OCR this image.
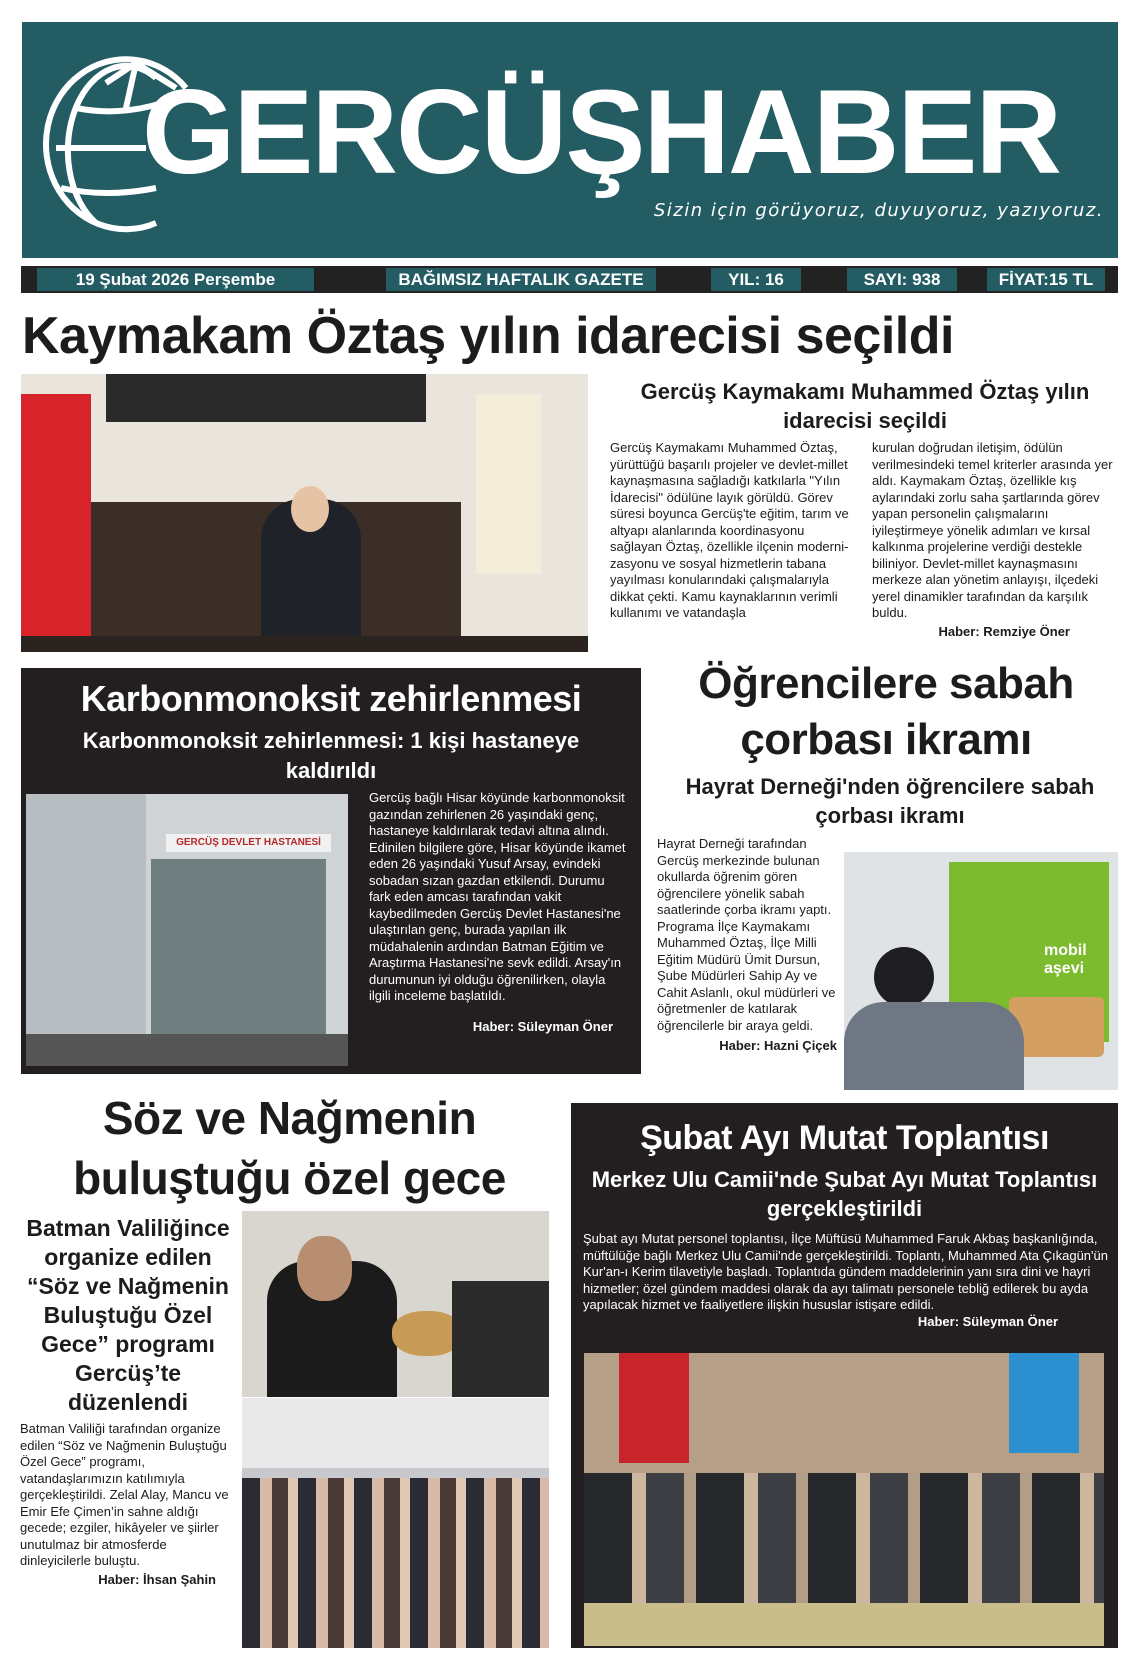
GERCÜŞHABER
Sizin için görüyoruz, duyuyoruz, yazıyoruz.
19 Şubat 2026 Perşembe	BAĞIMSIZ HAFTALIK GAZETE	YIL: 16	SAYI: 938	FİYAT:15 TL
Kaymakam Öztaş yılın idarecisi seçildi
Gercüş Kaymakamı Muhammed Öztaş yılın idarecisi seçildi
Gercüş Kaymakamı Muhammed Öztaş, yürüttüğü başarılı projeler ve devlet-millet kaynaşmasına sağladığı katkılarla "Yılın İdarecisi" ödülüne layık görüldü. Görev süresi boyunca Gercüş'te eğitim, tarım ve altyapı alanlarında koordinasyonu sağlayan Öztaş, özellikle ilçenin moderni-zasyonu ve sosyal hizmetlerin tabana yayılması konularındaki çalışmalarıyla dikkat çekti. Kamu kaynaklarının verimli kullanımı ve vatandaşla
kurulan doğrudan iletişim, ödülün verilmesindeki temel kriterler arasında yer aldı. Kaymakam Öztaş, özellikle kış aylarındaki zorlu saha şartlarında görev yapan personelin çalışmalarını iyileştirmeye yönelik adımları ve kırsal kalkınma projelerine verdiği destekle biliniyor. Devlet-millet kaynaşmasını merkeze alan yönetim anlayışı, ilçedeki yerel dinamikler tarafından da karşılık buldu.
Haber: Remziye Öner
Karbonmonoksit zehirlenmesi
Karbonmonoksit zehirlenmesi: 1 kişi hastaneye kaldırıldı
GERCÜŞ DEVLET HASTANESİ
Gercüş bağlı Hisar köyünde karbonmonoksit gazından zehirlenen 26 yaşındaki genç, hastaneye kaldırılarak tedavi altına alındı. Edinilen bilgilere göre, Hisar köyünde ikamet eden 26 yaşındaki Yusuf Arsay, evindeki sobadan sızan gazdan etkilendi. Durumu fark eden amcası tarafından vakit kaybedilmeden Gercüş Devlet Hastanesi'ne ulaştırılan genç, burada yapılan ilk müdahalenin ardından Batman Eğitim ve Araştırma Hastanesi'ne sevk edildi. Arsay'ın durumunun iyi olduğu öğrenilirken, olayla ilgili inceleme başlatıldı.
Haber: Süleyman Öner
Öğrencilere sabah çorbası ikramı
Hayrat Derneği'nden öğrencilere sabah çorbası ikramı
Hayrat Derneği tarafından Gercüş merkezinde bulunan okullarda öğrenim gören öğrencilere yönelik sabah saatlerinde çorba ikramı yaptı. Programa İlçe Kaymakamı Muhammed Öztaş, İlçe Milli Eğitim Müdürü Ümit Dursun, Şube Müdürleri Sahip Ay ve Cahit Aslanlı, okul müdürleri ve öğretmenler de katılarak öğrencilerle bir araya geldi.
Haber: Hazni Çiçek
mobil aşevi
Söz ve Nağmenin buluştuğu özel gece
Batman Valiliğince organize edilen “Söz ve Nağmenin Buluştuğu Özel Gece” programı Gercüş’te düzenlendi
Batman Valiliği tarafından organize edilen “Söz ve Nağmenin Buluştuğu Özel Gece” programı, vatandaşlarımızın katılımıyla gerçekleştirildi. Zelal Alay, Mancu ve Emir Efe Çimen’in sahne aldığı gecede; ezgiler, hikâyeler ve şiirler unutulmaz bir atmosferde dinleyicilerle buluştu.
Haber: İhsan Şahin
Şubat Ayı Mutat Toplantısı
Merkez Ulu Camii'nde Şubat Ayı Mutat Toplantısı gerçekleştirildi
Şubat ayı Mutat personel toplantısı, İlçe Müftüsü Muhammed Faruk Akbaş başkanlığında, müftülüğe bağlı Merkez Ulu Camii'nde gerçekleştirildi. Toplantı, Muhammed Ata Çıkagün'ün Kur'an-ı Kerim tilavetiyle başladı. Toplantıda gündem maddelerinin yanı sıra dini ve hayri hizmetler; özel gündem maddesi olarak da ayı talimatı personele tebliğ edilerek bu ayda yapılacak hizmet ve faaliyetlere ilişkin hususlar istişare edildi.
Haber: Süleyman Öner
